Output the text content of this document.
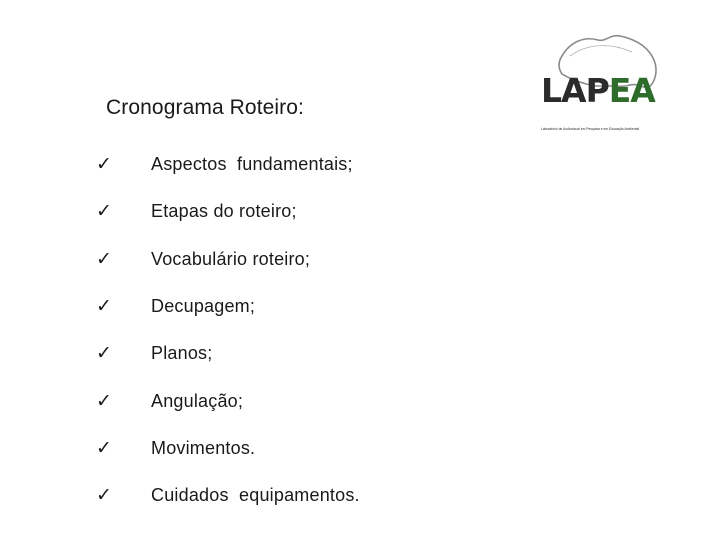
LAPEA
Laboratório de Audiovisual em Pesquisa e em Educação Ambiental
Cronograma Roteiro:
✓	Aspectos  fundamentais;
✓	Etapas do roteiro;
✓	Vocabulário roteiro;
✓	Decupagem;
✓	Planos;
✓	Angulação;
✓	Movimentos.
✓	Cuidados  equipamentos.
